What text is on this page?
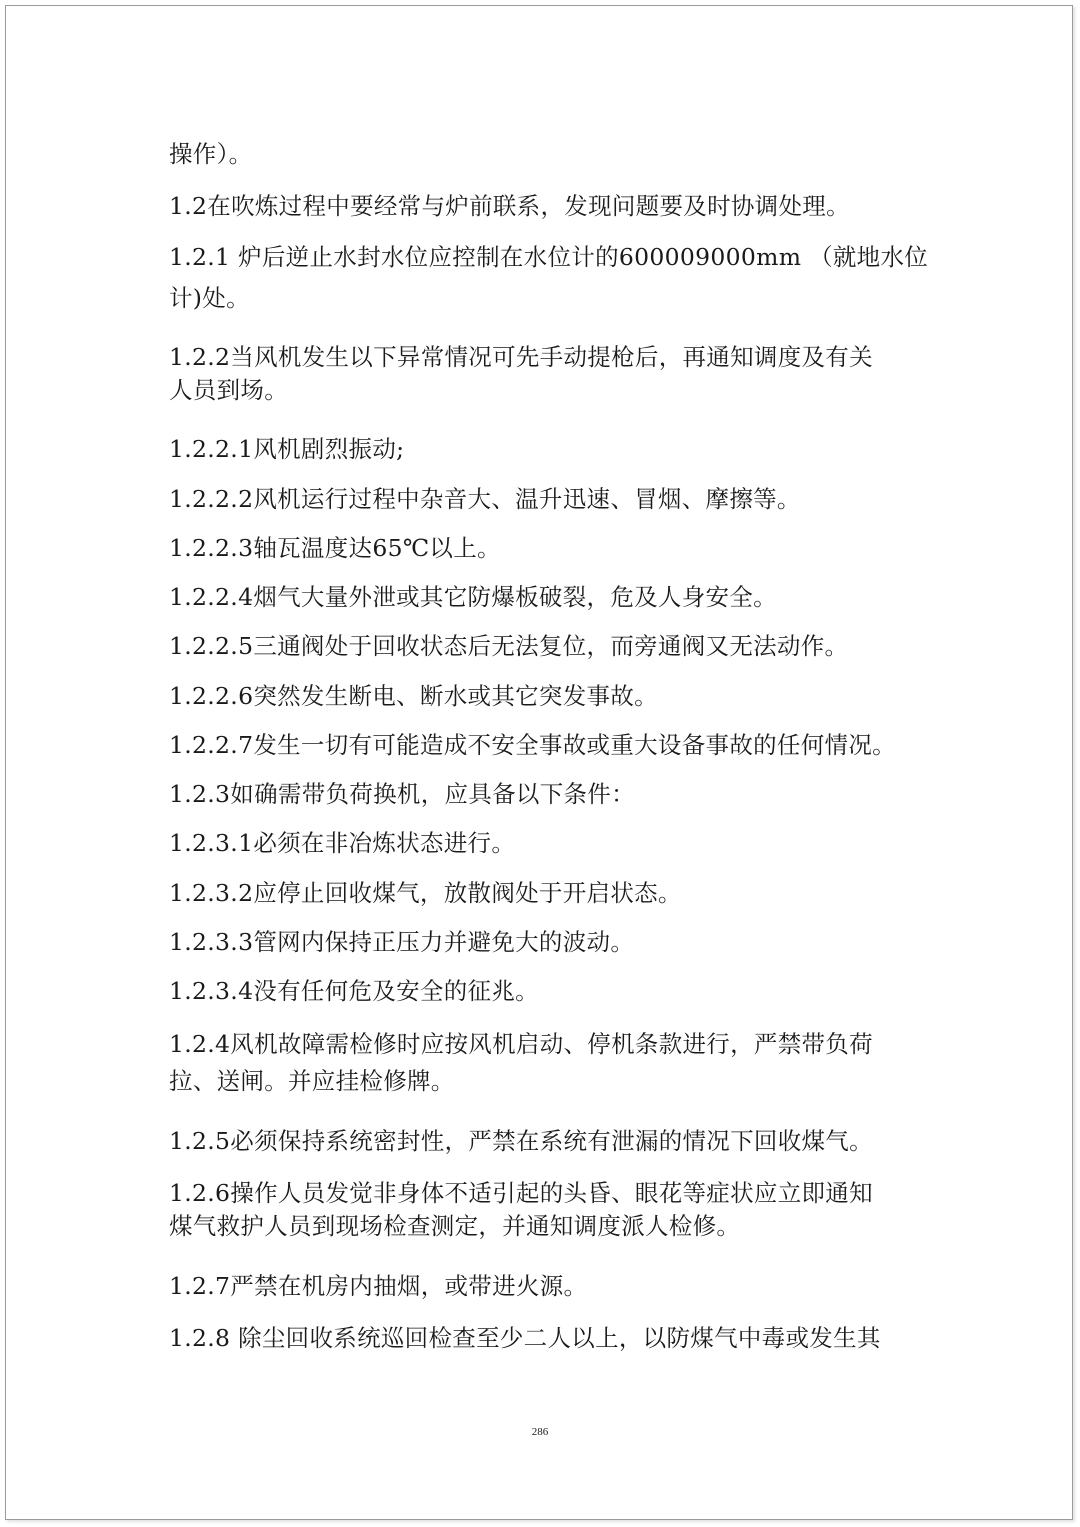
操作）。

1.2在吹炼过程中要经常与炉前联系，发现问题要及时协调处理。

1.2.1 炉后逆止水封水位应控制在水位计的600009000mm （就地水位

计)处。

1.2.2当风机发生以下异常情况可先手动提枪后，再通知调度及有关

人员到场。

1.2.2.1风机剧烈振动;

1.2.2.2风机运行过程中杂音大、温升迅速、冒烟、摩擦等。

1.2.2.3轴瓦温度达65℃以上。

1.2.2.4烟气大量外泄或其它防爆板破裂，危及人身安全。

1.2.2.5三通阀处于回收状态后无法复位，而旁通阀又无法动作。

1.2.2.6突然发生断电、断水或其它突发事故。

1.2.2.7发生一切有可能造成不安全事故或重大设备事故的任何情况。

1.2.3如确需带负荷换机，应具备以下条件：

1.2.3.1必须在非冶炼状态进行。

1.2.3.2应停止回收煤气，放散阀处于开启状态。

1.2.3.3管网内保持正压力并避免大的波动。

1.2.3.4没有任何危及安全的征兆。

1.2.4风机故障需检修时应按风机启动、停机条款进行，严禁带负荷

拉、送闸。并应挂检修牌。

1.2.5必须保持系统密封性，严禁在系统有泄漏的情况下回收煤气。

1.2.6操作人员发觉非身体不适引起的头昏、眼花等症状应立即通知

煤气救护人员到现场检查测定，并通知调度派人检修。

1.2.7严禁在机房内抽烟，或带进火源。

1.2.8 除尘回收系统巡回检查至少二人以上，以防煤气中毒或发生其

286
